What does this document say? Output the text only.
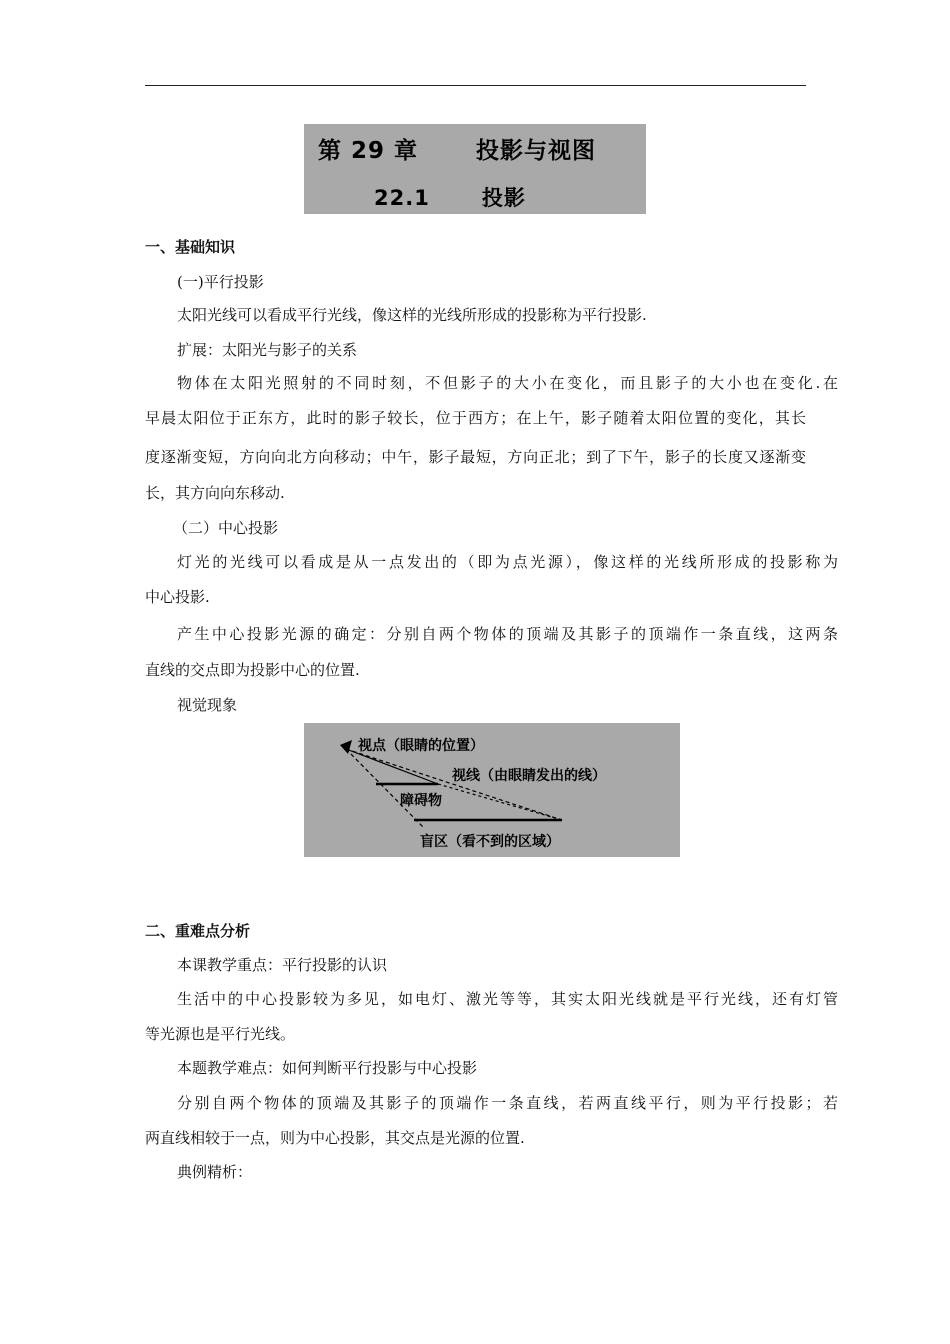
第 29 章	投影与视图
22.1 投影
一、基础知识
(一)平行投影
太阳光线可以看成平行光线，像这样的光线所形成的投影称为平行投影.
扩展：太阳光与影子的关系
物体在太阳光照射的不同时刻，不但影子的大小在变化，而且影子的大小也在变化.在
早晨太阳位于正东方，此时的影子较长，位于西方；在上午，影子随着太阳位置的变化，其长
度逐渐变短，方向向北方向移动；中午，影子最短，方向正北；到了下午，影子的长度又逐渐变
长，其方向向东移动.
（二）中心投影
灯光的光线可以看成是从一点发出的（即为点光源），像这样的光线所形成的投影称为
中心投影.
产生中心投影光源的确定：分别自两个物体的顶端及其影子的顶端作一条直线，这两条
直线的交点即为投影中心的位置.
视觉现象
视点（眼睛的位置）
视线（由眼睛发出的线）
障碍物
盲区（看不到的区域）
二、重难点分析
本课教学重点：平行投影的认识
生活中的中心投影较为多见，如电灯、激光等等，其实太阳光线就是平行光线，还有灯管
等光源也是平行光线。
本题教学难点：如何判断平行投影与中心投影
分别自两个物体的顶端及其影子的顶端作一条直线，若两直线平行，则为平行投影；若
两直线相较于一点，则为中心投影，其交点是光源的位置.
典例精析：
